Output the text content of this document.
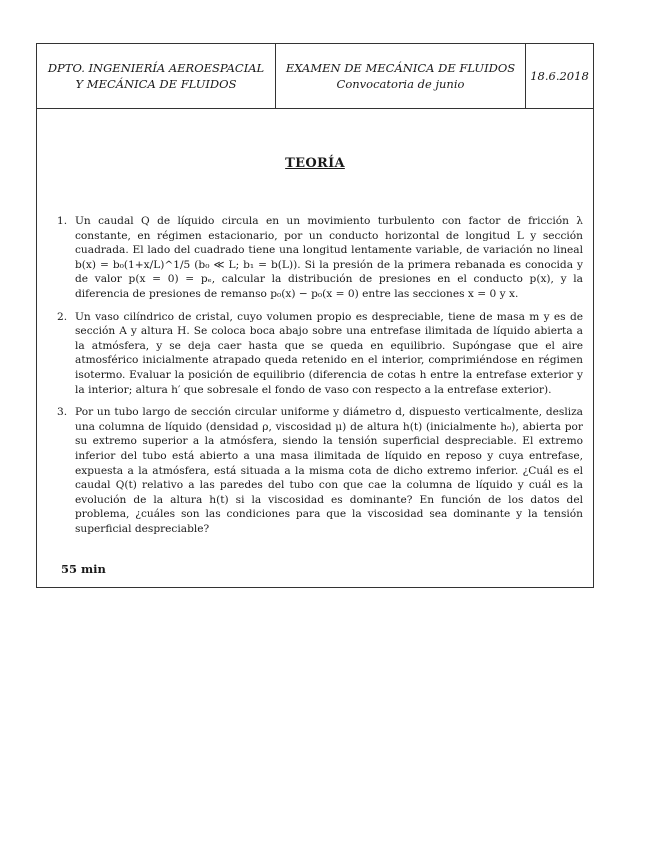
DPTO. INGENIERÍA AEROESPACIAL
Y MECÁNICA DE FLUIDOS
EXAMEN DE MECÁNICA DE FLUIDOS
Convocatoria de junio
18.6.2018
TEORÍA
1. Un caudal Q de líquido circula en un movimiento turbulento con factor de fricción λ constante, en régimen estacionario, por un conducto horizontal de longitud L y sección cuadrada. El lado del cuadrado tiene una longitud lentamente variable, de variación no lineal b(x) = b₀(1+x/L)^1/5 (b₀ ≪ L; b₁ = b(L)). Si la presión de la primera rebanada es conocida y de valor p(x = 0) = pₑ, calcular la distribución de presiones en el conducto p(x), y la diferencia de presiones de remanso p₀(x) − p₀(x = 0) entre las secciones x = 0 y x.
2. Un vaso cilíndrico de cristal, cuyo volumen propio es despreciable, tiene de masa m y es de sección A y altura H. Se coloca boca abajo sobre una entrefase ilimitada de líquido abierta a la atmósfera, y se deja caer hasta que se queda en equilibrio. Supóngase que el aire atmosférico inicialmente atrapado queda retenido en el interior, comprimiéndose en régimen isotermo. Evaluar la posición de equilibrio (diferencia de cotas h entre la entrefase exterior y la interior; altura h′ que sobresale el fondo de vaso con respecto a la entrefase exterior).
3. Por un tubo largo de sección circular uniforme y diámetro d, dispuesto verticalmente, desliza una columna de líquido (densidad ρ, viscosidad μ) de altura h(t) (inicialmente h₀), abierta por su extremo superior a la atmósfera, siendo la tensión superficial despreciable. El extremo inferior del tubo está abierto a una masa ilimitada de líquido en reposo y cuya entrefase, expuesta a la atmósfera, está situada a la misma cota de dicho extremo inferior. ¿Cuál es el caudal Q(t) relativo a las paredes del tubo con que cae la columna de líquido y cuál es la evolución de la altura h(t) si la viscosidad es dominante? En función de los datos del problema, ¿cuáles son las condiciones para que la viscosidad sea dominante y la tensión superficial despreciable?
55 min
